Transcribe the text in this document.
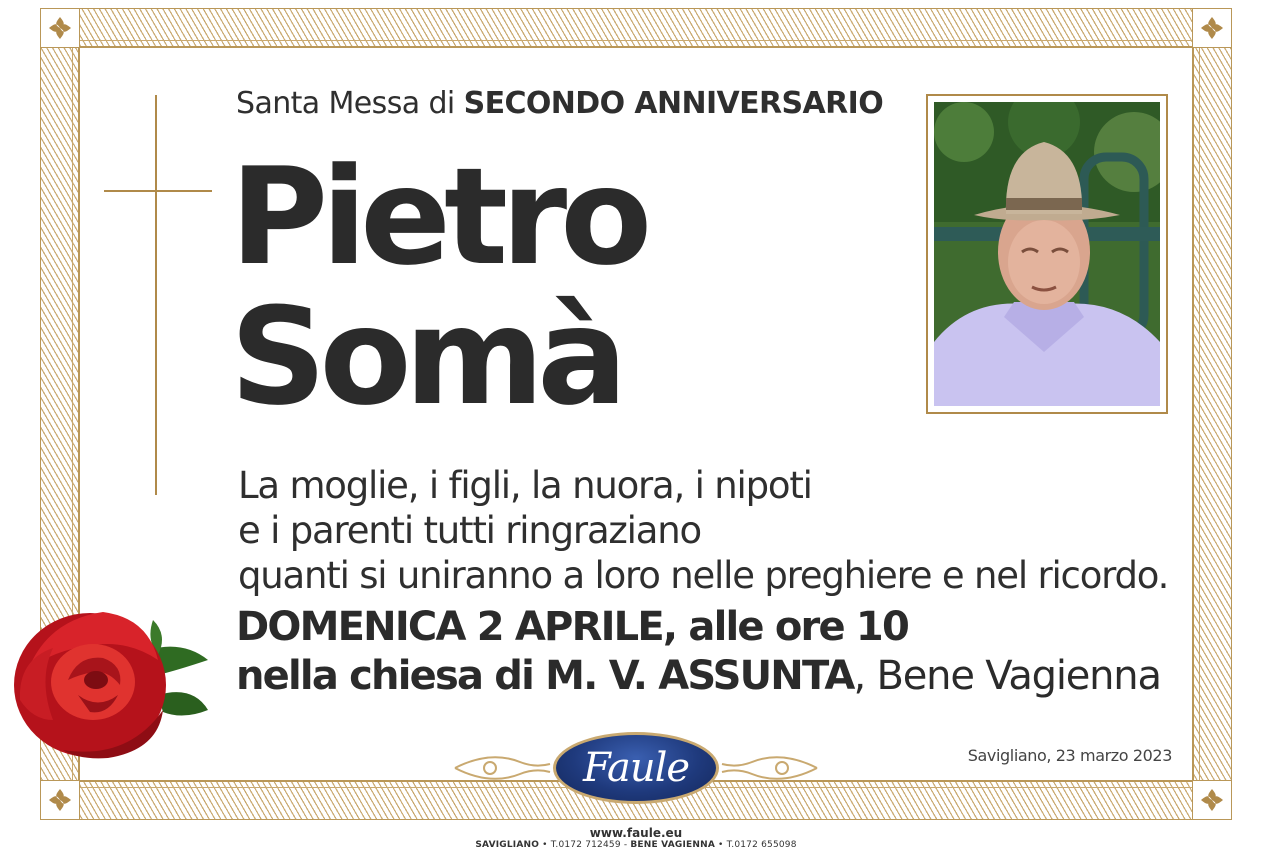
Santa Messa di SECONDO ANNIVERSARIO
Pietro
Somà
La moglie, i figli, la nuora, i nipoti
e i parenti tutti ringraziano
quanti si uniranno a loro nelle preghiere e nel ricordo.
DOMENICA 2 APRILE, alle ore 10
nella chiesa di M. V. ASSUNTA, Bene Vagienna
Savigliano, 23 marzo 2023
Faule
www.faule.eu
SAVIGLIANO • T.0172 712459 - BENE VAGIENNA • T.0172 655098
